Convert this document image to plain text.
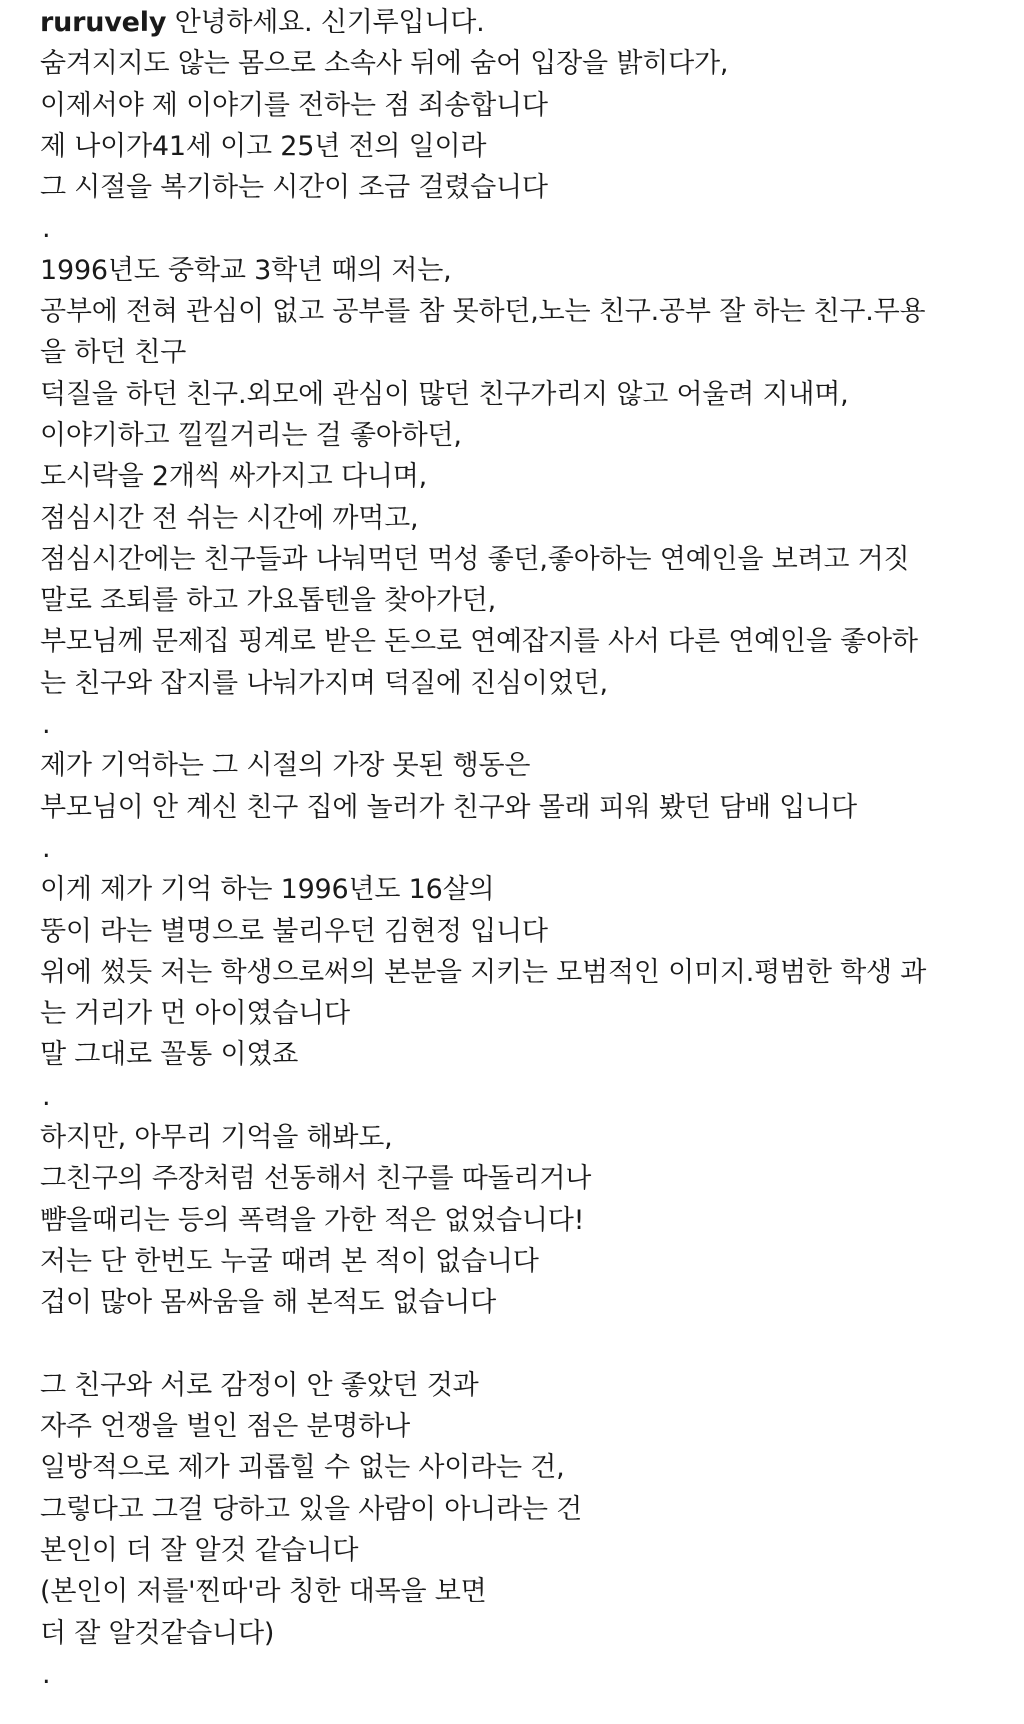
ruruvely 안녕하세요. 신기루입니다.
숨겨지지도 않는 몸으로 소속사 뒤에 숨어 입장을 밝히다가,
이제서야 제 이야기를 전하는 점 죄송합니다
제 나이가41세 이고 25년 전의 일이라
그 시절을 복기하는 시간이 조금 걸렸습니다
.
1996년도 중학교 3학년 때의 저는,
공부에 전혀 관심이 없고 공부를 참 못하던,노는 친구.공부 잘 하는 친구.무용
을 하던 친구
덕질을 하던 친구.외모에 관심이 많던 친구가리지 않고 어울려 지내며,
이야기하고 낄낄거리는 걸 좋아하던,
도시락을 2개씩 싸가지고 다니며,
점심시간 전 쉬는 시간에 까먹고,
점심시간에는 친구들과 나눠먹던 먹성 좋던,좋아하는 연예인을 보려고 거짓
말로 조퇴를 하고 가요톱텐을 찾아가던,
부모님께 문제집 핑계로 받은 돈으로 연예잡지를 사서 다른 연예인을 좋아하
는 친구와 잡지를 나눠가지며 덕질에 진심이었던,
.
제가 기억하는 그 시절의 가장 못된 행동은
부모님이 안 계신 친구 집에 놀러가 친구와 몰래 피워 봤던 담배 입니다
.
이게 제가 기억 하는 1996년도 16살의
뚱이 라는 별명으로 불리우던 김현정 입니다
위에 썼듯 저는 학생으로써의 본분을 지키는 모범적인 이미지.평범한 학생 과
는 거리가 먼 아이였습니다
말 그대로 꼴통 이였죠
.
하지만, 아무리 기억을 해봐도,
그친구의 주장처럼 선동해서 친구를 따돌리거나
뺨을때리는 등의 폭력을 가한 적은 없었습니다!
저는 단 한번도 누굴 때려 본 적이 없습니다
겁이 많아 몸싸움을 해 본적도 없습니다
그 친구와 서로 감정이 안 좋았던 것과
자주 언쟁을 벌인 점은 분명하나
일방적으로 제가 괴롭힐 수 없는 사이라는 건,
그렇다고 그걸 당하고 있을 사람이 아니라는 건
본인이 더 잘 알것 같습니다
(본인이 저를'찐따'라 칭한 대목을 보면
더 잘 알것같습니다)
.
